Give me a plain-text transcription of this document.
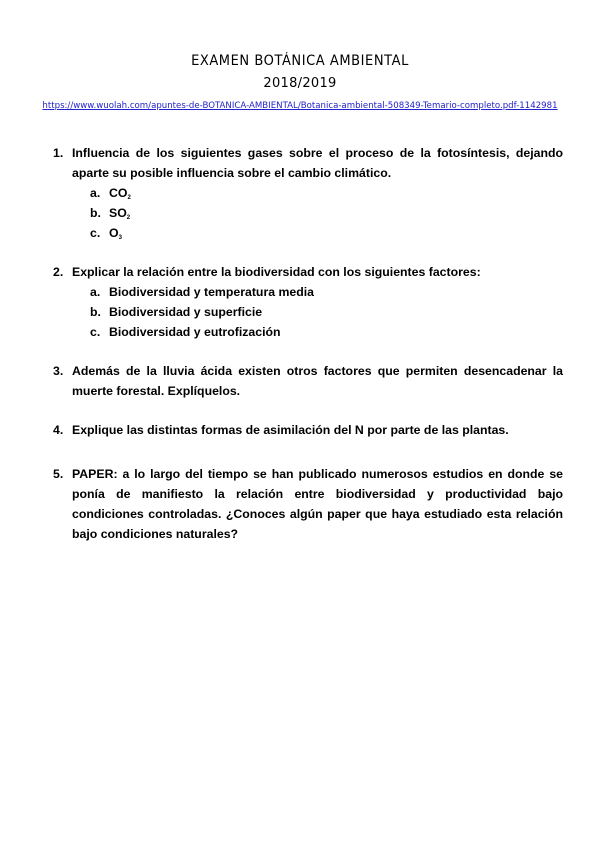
EXAMEN BOTÁNICA AMBIENTAL
2018/2019
https://www.wuolah.com/apuntes-de-BOTANICA-AMBIENTAL/Botanica-ambiental-508349-Temario-completo.pdf-1142981
1. Influencia de los siguientes gases sobre el proceso de la fotosíntesis, dejando aparte su posible influencia sobre el cambio climático.
a. $CO_2$
b. $SO_2$
c. $O_3$
2. Explicar la relación entre la biodiversidad con los siguientes factores:
a. Biodiversidad y temperatura media
b. Biodiversidad y superficie
c. Biodiversidad y eutrofización
3. Además de la lluvia ácida existen otros factores que permiten desencadenar la muerte forestal. Explíquelos.
4. Explique las distintas formas de asimilación del N por parte de las plantas.
5. PAPER: a lo largo del tiempo se han publicado numerosos estudios en donde se ponía de manifiesto la relación entre biodiversidad y productividad bajo condiciones controladas. ¿Conoces algún paper que haya estudiado esta relación bajo condiciones naturales?
